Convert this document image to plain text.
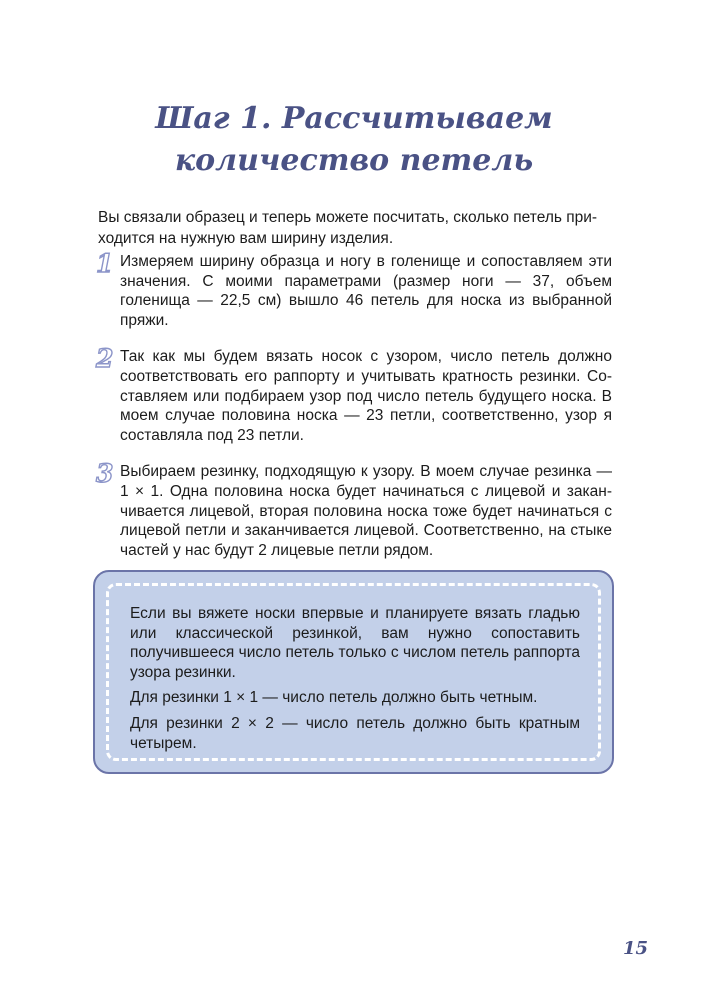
Шаг 1. Рассчитываем количество петель

Вы связали образец и теперь можете посчитать, сколько петель приходится на нужную вам ширину изделия.

1 Измеряем ширину образца и ногу в голенище и сопоставляем эти значения. С моими параметрами (размер ноги — 37, объем голенища — 22,5 см) вышло 46 петель для носка из выбранной пряжи.

2 Так как мы будем вязать носок с узором, число петель должно соответствовать его раппорту и учитывать кратность резинки. Составляем или подбираем узор под число петель будущего носка. В моем случае половина носка — 23 петли, соответственно, узор я составляла под 23 петли.

3 Выбираем резинку, подходящую к узору. В моем случае резинка — 1 × 1. Одна половина носка будет начинаться с лицевой и заканчивается лицевой, вторая половина носка тоже будет начинаться с лицевой петли и заканчивается лицевой. Соответственно, на стыке частей у нас будут 2 лицевые петли рядом.

Если вы вяжете носки впервые и планируете вязать гладью или классической резинкой, вам нужно сопоставить получившееся число петель только с числом петель раппорта узора резинки.

Для резинки 1 × 1 — число петель должно быть четным.

Для резинки 2 × 2 — число петель должно быть кратным четырем.

15
